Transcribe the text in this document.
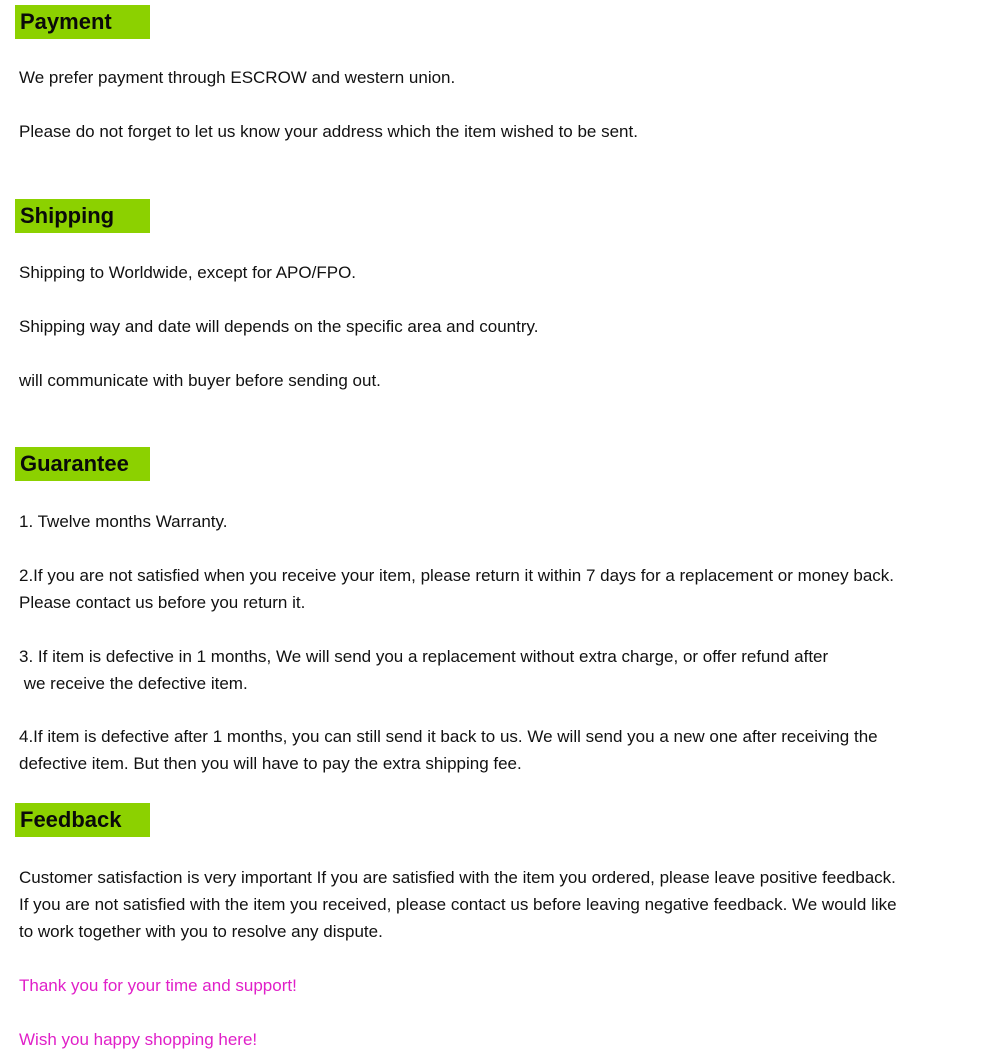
Payment
We prefer payment through ESCROW and western union.
Please do not forget to let us know your address which the item wished to be sent.
Shipping
Shipping to Worldwide, except for APO/FPO.
Shipping way and date will depends on the specific area and country.
will communicate with buyer before sending out.
Guarantee
1. Twelve months Warranty.
2.If you are not satisfied when you receive your item, please return it within 7 days for a replacement or money back.
Please contact us before you return it.
3. If item is defective in 1 months, We will send you a replacement without extra charge, or offer refund after
we receive the defective item.
4.If item is defective after 1 months, you can still send it back to us. We will send you a new one after receiving the
defective item. But then you will have to pay the extra shipping fee.
Feedback
Customer satisfaction is very important If you are satisfied with the item you ordered, please leave positive feedback.
If you are not satisfied with the item you received, please contact us before leaving negative feedback. We would like
to work together with you to resolve any dispute.
Thank you for your time and support!
Wish you happy shopping here!
